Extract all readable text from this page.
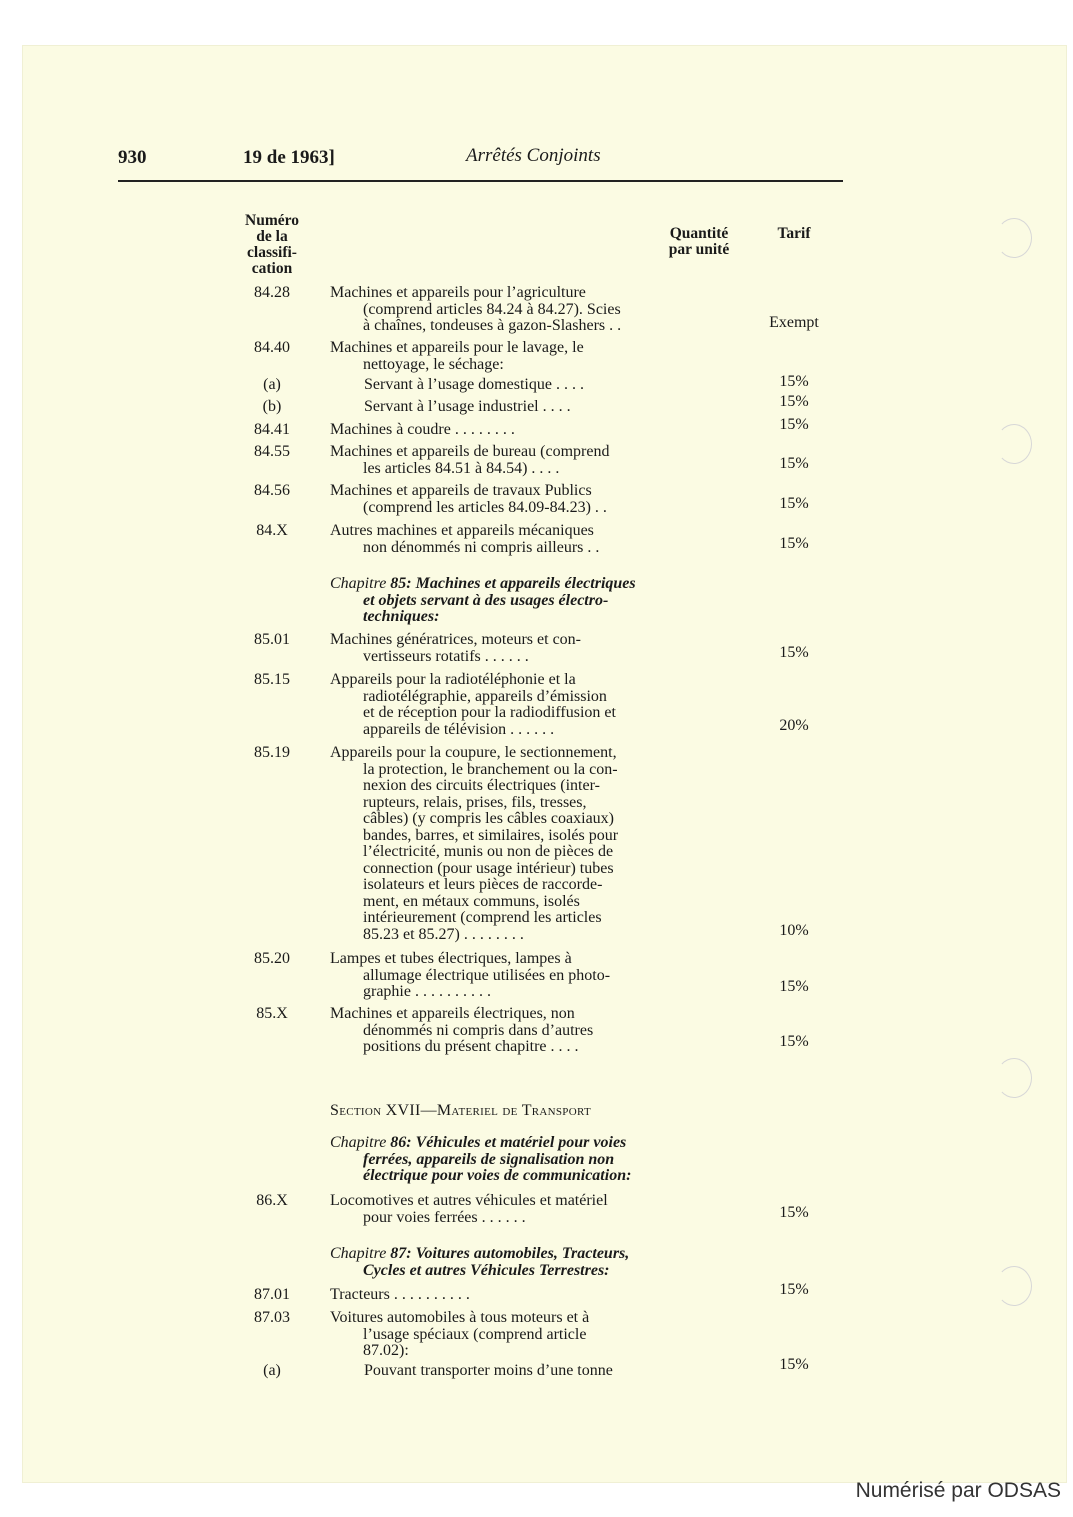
930	19 de 1963]	Arrêtés Conjoints
Numéro
de la
classifi-
cation
Quantité
par unité
Tarif
84.28	Machines et appareils pour l’agriculture
(comprend articles 84.24 à 84.27). Scies
à chaînes, tondeuses à gazon-Slashers . .	Exempt
84.40	Machines et appareils pour le lavage, le
nettoyage, le séchage:
(a)	Servant à l’usage domestique . . . .	15%
(b)	Servant à l’usage industriel . . . .	15%
84.41	Machines à coudre . . . . . . . .	15%
84.55	Machines et appareils de bureau (comprend
les articles 84.51 à 84.54) . . . .	15%
84.56	Machines et appareils de travaux Publics
(comprend les articles 84.09-84.23) . .	15%
84.X	Autres machines et appareils mécaniques
non dénommés ni compris ailleurs . .	15%
Chapitre 85: Machines et appareils électriques
et objets servant à des usages électro-
techniques:
85.01	Machines génératrices, moteurs et con-
vertisseurs rotatifs . . . . . .	15%
85.15	Appareils pour la radiotéléphonie et la
radiotélégraphie, appareils d’émission
et de réception pour la radiodiffusion et
appareils de télévision . . . . . .	20%
85.19	Appareils pour la coupure, le sectionnement,
la protection, le branchement ou la con-
nexion des circuits électriques (inter-
rupteurs, relais, prises, fils, tresses,
câbles) (y compris les câbles coaxiaux)
bandes, barres, et similaires, isolés pour
l’électricité, munis ou non de pièces de
connection (pour usage intérieur) tubes
isolateurs et leurs pièces de raccorde-
ment, en métaux communs, isolés
intérieurement (comprend les articles
85.23 et 85.27) . . . . . . . .	10%
85.20	Lampes et tubes électriques, lampes à
allumage électrique utilisées en photo-
graphie . . . . . . . . . .	15%
85.X	Machines et appareils électriques, non
dénommés ni compris dans d’autres
positions du présent chapitre . . . .	15%
Section XVII—Materiel de Transport
Chapitre 86: Véhicules et matériel pour voies
ferrées, appareils de signalisation non
électrique pour voies de communication:
86.X	Locomotives et autres véhicules et matériel
pour voies ferrées . . . . . .	15%
Chapitre 87: Voitures automobiles, Tracteurs,
Cycles et autres Véhicules Terrestres:
87.01	Tracteurs . . . . . . . . . .	15%
87.03	Voitures automobiles à tous moteurs et à
l’usage spéciaux (comprend article
87.02):
(a)	Pouvant transporter moins d’une tonne	15%
Numérisé par ODSAS
